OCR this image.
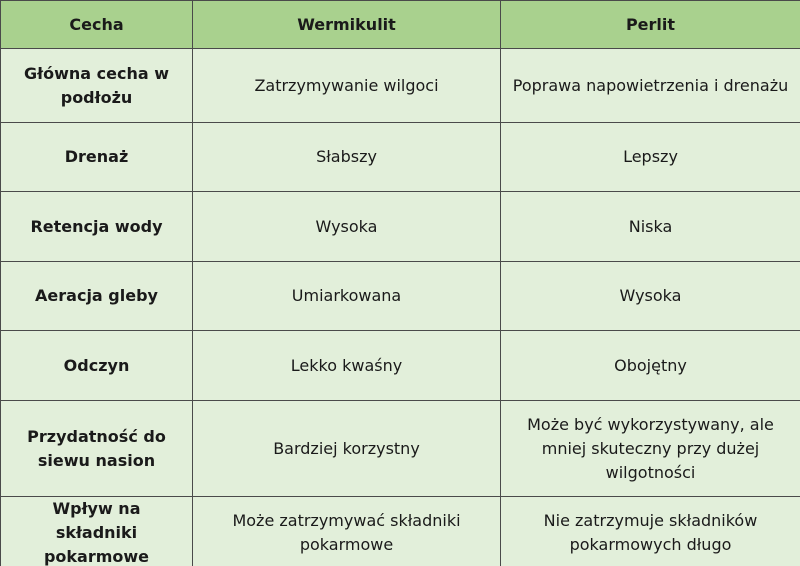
Cecha	Wermikulit	Perlit
Główna cecha w podłożu	Zatrzymywanie wilgoci	Poprawa napowietrzenia i drenażu
Drenaż	Słabszy	Lepszy
Retencja wody	Wysoka	Niska
Aeracja gleby	Umiarkowana	Wysoka
Odczyn	Lekko kwaśny	Obojętny
Przydatność do siewu nasion	Bardziej korzystny	Może być wykorzystywany, ale mniej skuteczny przy dużej wilgotności
Wpływ na składniki pokarmowe	Może zatrzymywać składniki pokarmowe	Nie zatrzymuje składników pokarmowych długo
